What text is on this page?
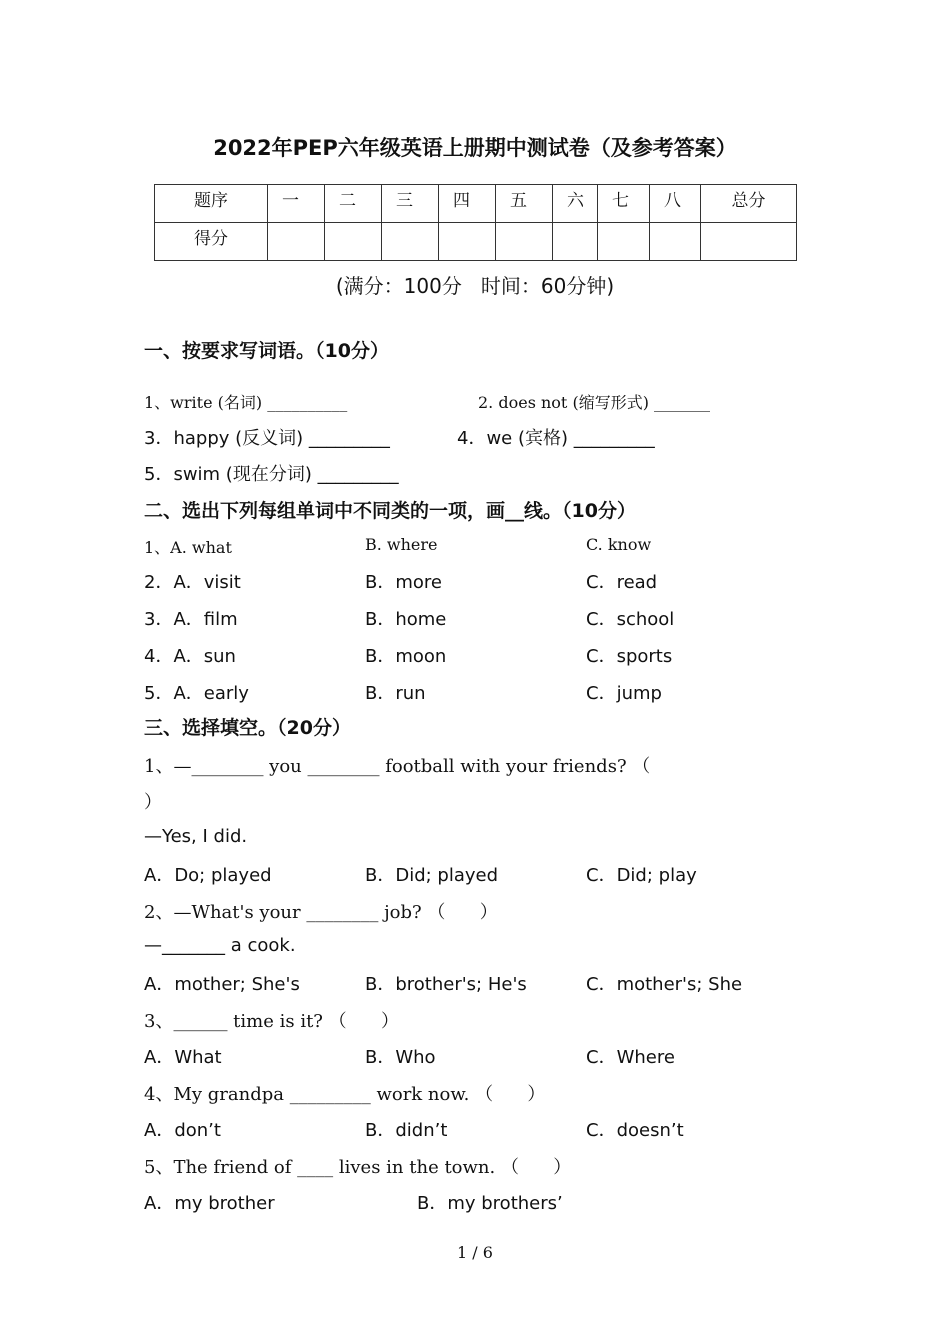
2022年PEP六年级英语上册期中测试卷（及参考答案）
题序	一	二	三	四	五	六	七	八	总分
得分									
(满分：100分   时间：60分钟)
一、按要求写词语。（10分）
1、write (名词) __________	2. does not (缩写形式) _______
3．happy (反义词) _________	4．we (宾格) _________
5．swim (现在分词) _________
二、选出下列每组单词中不同类的一项，画__线。（10分）
1、A. what	B. where	C. know
2．A．visit	B．more	C．read
3．A．film	B．home	C．school
4．A．sun	B．moon	C．sports
5．A．early	B．run	C．jump
三、选择填空。（20分）
1、—________ you ________ football with your friends? （
）
—Yes, I did.
A．Do; played	B．Did; played	C．Did; play
2、—What's your ________ job? （      ）
—_______ a cook.
A．mother; She's	B．brother's; He's	C．mother's; She
3、______ time is it? （      ）
A．What	B．Who	C．Where
4、My grandpa _________ work now. （      ）
A．don’t	B．didn’t	C．doesn’t
5、The friend of ____ lives in the town. （      ）
A．my brother	B．my brothers’
1 / 6
